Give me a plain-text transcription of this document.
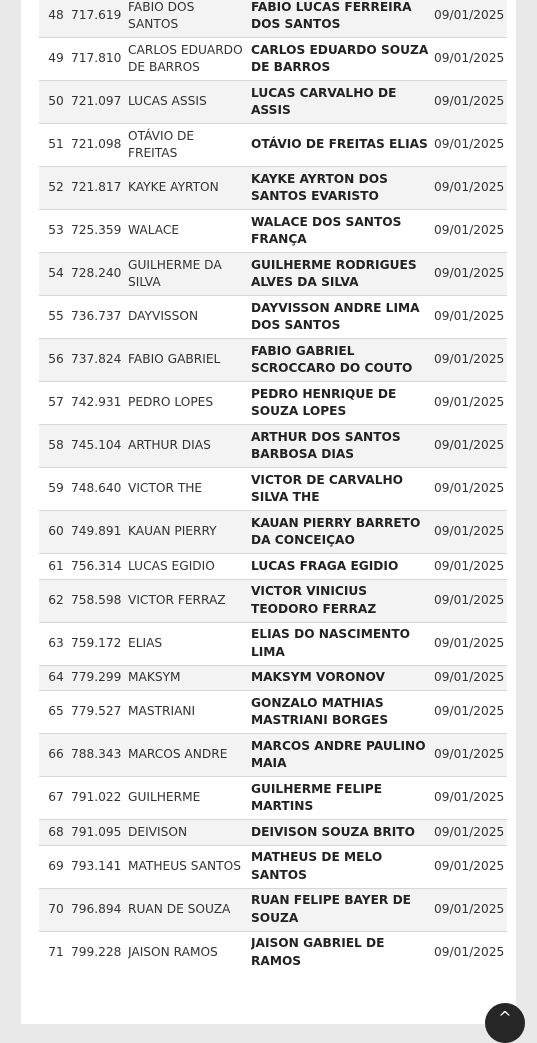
48	717.619	FABIO DOS SANTOS	FABIO LUCAS FERREIRA DOS SANTOS	09/01/2025
49	717.810	CARLOS EDUARDO DE BARROS	CARLOS EDUARDO SOUZA DE BARROS	09/01/2025
50	721.097	LUCAS ASSIS	LUCAS CARVALHO DE ASSIS	09/01/2025
51	721.098	OTÁVIO DE FREITAS	OTÁVIO DE FREITAS ELIAS	09/01/2025
52	721.817	KAYKE AYRTON	KAYKE AYRTON DOS SANTOS EVARISTO	09/01/2025
53	725.359	WALACE	WALACE DOS SANTOS FRANÇA	09/01/2025
54	728.240	GUILHERME DA SILVA	GUILHERME RODRIGUES ALVES DA SILVA	09/01/2025
55	736.737	DAYVISSON	DAYVISSON ANDRE LIMA DOS SANTOS	09/01/2025
56	737.824	FABIO GABRIEL	FABIO GABRIEL SCROCCARO DO COUTO	09/01/2025
57	742.931	PEDRO LOPES	PEDRO HENRIQUE DE SOUZA LOPES	09/01/2025
58	745.104	ARTHUR DIAS	ARTHUR DOS SANTOS BARBOSA DIAS	09/01/2025
59	748.640	VICTOR THE	VICTOR DE CARVALHO SILVA THE	09/01/2025
60	749.891	KAUAN PIERRY	KAUAN PIERRY BARRETO DA CONCEIÇAO	09/01/2025
61	756.314	LUCAS EGIDIO	LUCAS FRAGA EGIDIO	09/01/2025
62	758.598	VICTOR FERRAZ	VICTOR VINICIUS TEODORO FERRAZ	09/01/2025
63	759.172	ELIAS	ELIAS DO NASCIMENTO LIMA	09/01/2025
64	779.299	MAKSYM	MAKSYM VORONOV	09/01/2025
65	779.527	MASTRIANI	GONZALO MATHIAS MASTRIANI BORGES	09/01/2025
66	788.343	MARCOS ANDRE	MARCOS ANDRE PAULINO MAIA	09/01/2025
67	791.022	GUILHERME	GUILHERME FELIPE MARTINS	09/01/2025
68	791.095	DEIVISON	DEIVISON SOUZA BRITO	09/01/2025
69	793.141	MATHEUS SANTOS	MATHEUS DE MELO SANTOS	09/01/2025
70	796.894	RUAN DE SOUZA	RUAN FELIPE BAYER DE SOUZA	09/01/2025
71	799.228	JAISON RAMOS	JAISON GABRIEL DE RAMOS	09/01/2025
^
